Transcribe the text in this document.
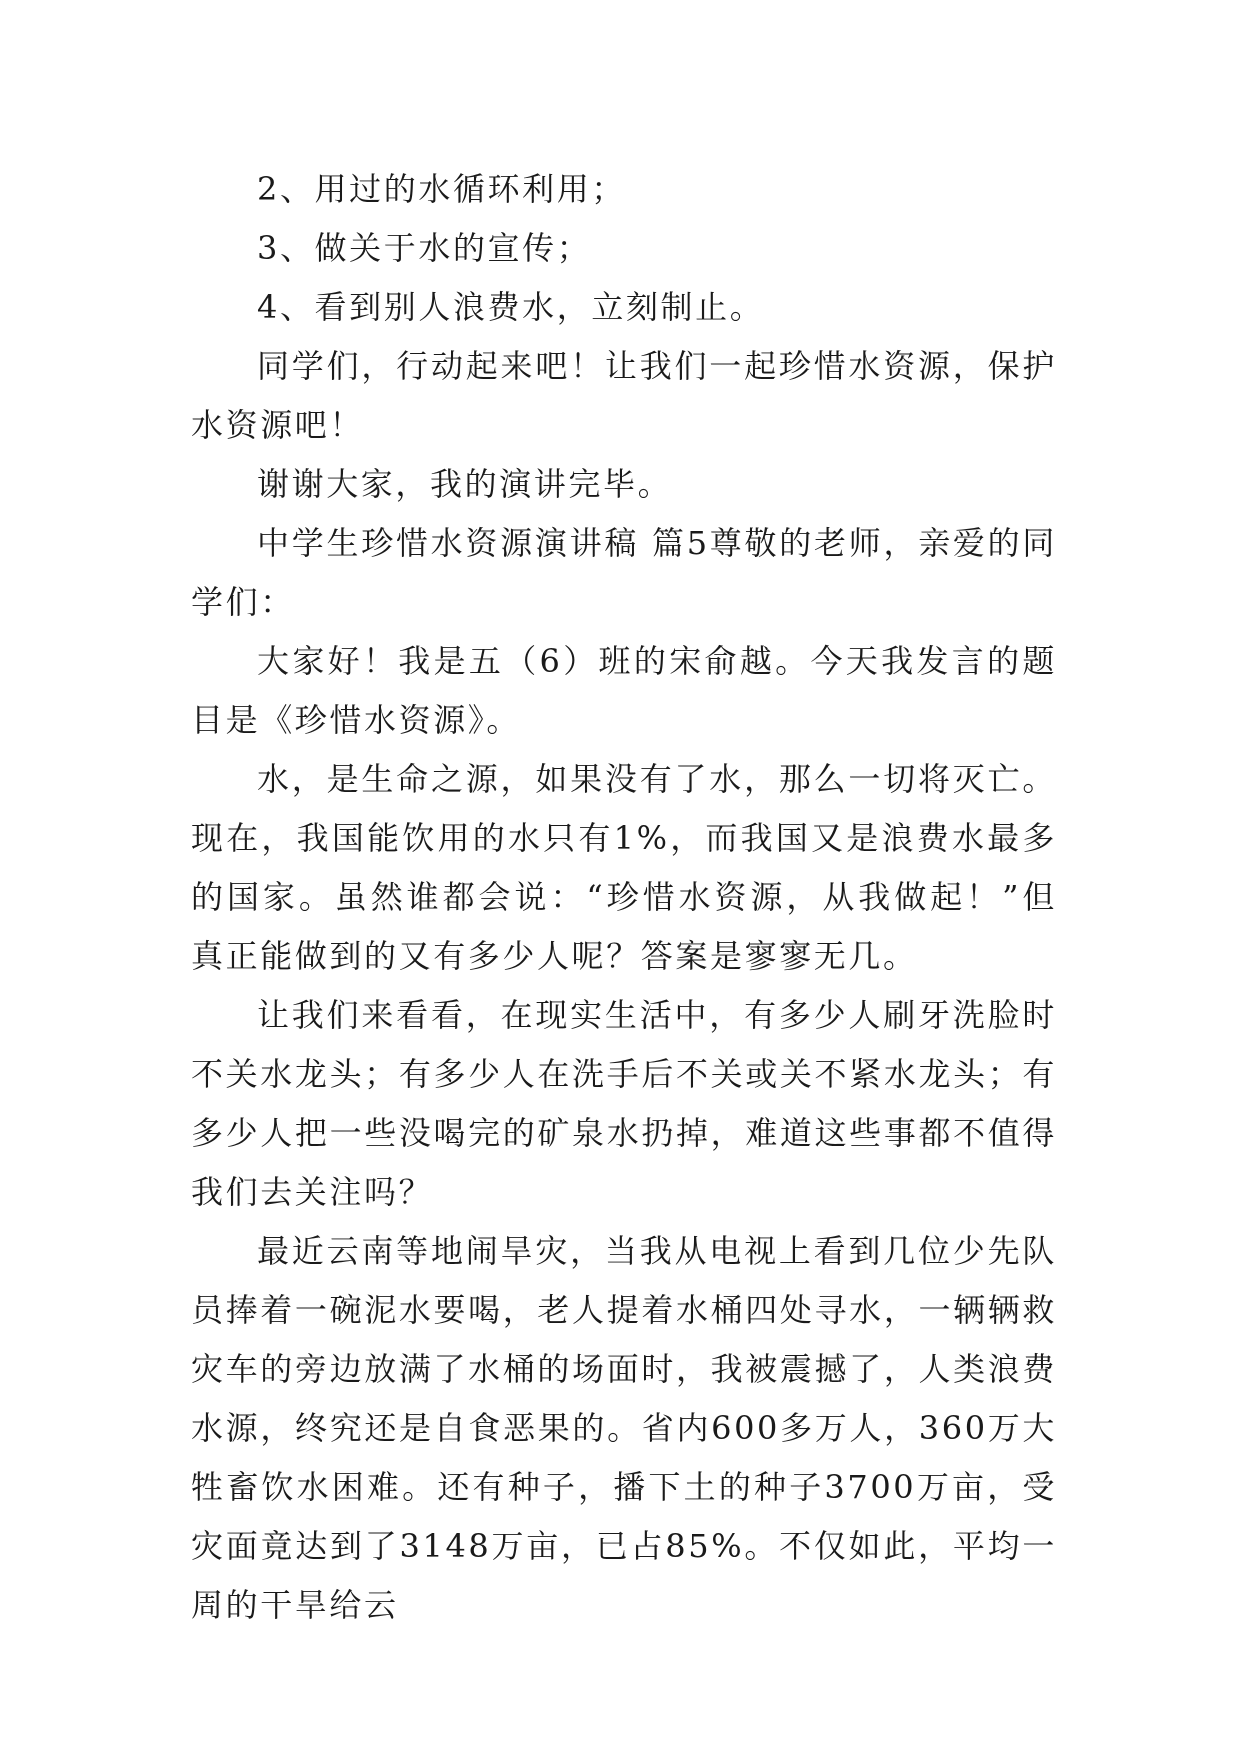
2、用过的水循环利用；

3、做关于水的宣传；

4、看到别人浪费水，立刻制止。

同学们，行动起来吧！让我们一起珍惜水资源，保护水资源吧！

谢谢大家，我的演讲完毕。

中学生珍惜水资源演讲稿 篇5尊敬的老师，亲爱的同学们：

大家好！我是五（6）班的宋俞越。今天我发言的题目是《珍惜水资源》。

水，是生命之源，如果没有了水，那么一切将灭亡。现在，我国能饮用的水只有1%，而我国又是浪费水最多的国家。虽然谁都会说：“珍惜水资源，从我做起！”但真正能做到的又有多少人呢？答案是寥寥无几。

让我们来看看，在现实生活中，有多少人刷牙洗脸时不关水龙头；有多少人在洗手后不关或关不紧水龙头；有多少人把一些没喝完的矿泉水扔掉，难道这些事都不值得我们去关注吗？

最近云南等地闹旱灾，当我从电视上看到几位少先队员捧着一碗泥水要喝，老人提着水桶四处寻水，一辆辆救灾车的旁边放满了水桶的场面时，我被震撼了，人类浪费水源，终究还是自食恶果的。省内600多万人，360万大牲畜饮水困难。还有种子，播下土的种子3700万亩，受灾面竟达到了3148万亩，已占85%。不仅如此，平均一周的干旱给云
